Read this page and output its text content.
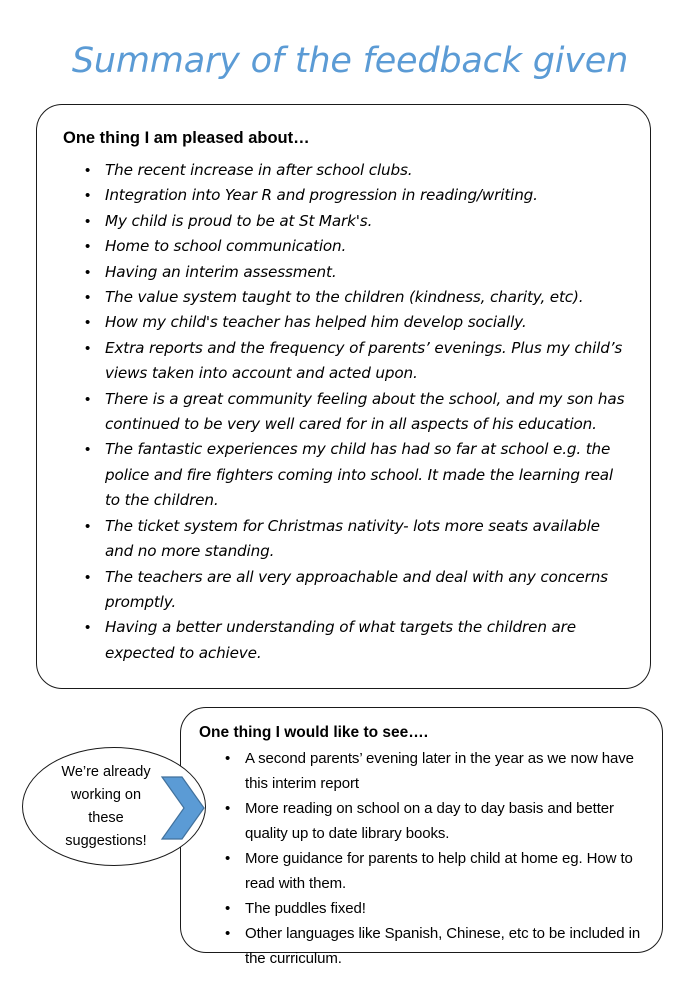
Summary of the feedback given
One thing I am pleased about…
• The recent increase in after school clubs.
• Integration into Year R and progression in reading/writing.
• My child is proud to be at St Mark's.
• Home to school communication.
• Having an interim assessment.
• The value system taught to the children (kindness, charity, etc).
• How my child's teacher has helped him develop socially.
• Extra reports and the frequency of parents’ evenings. Plus my child’s views taken into account and acted upon.
• There is a great community feeling about the school, and my son has continued to be very well cared for in all aspects of his education.
• The fantastic experiences my child has had so far at school e.g. the police and fire fighters coming into school. It made the learning real to the children.
• The ticket system for Christmas nativity- lots more seats available and no more standing.
• The teachers are all very approachable and deal with any concerns promptly.
• Having a better understanding of what targets the children are expected to achieve.
One thing I would like to see….
• A second parents’ evening later in the year as we now have this interim report
• More reading on school on a day to day basis and better quality up to date library books.
• More guidance for parents to help child at home eg. How to read with them.
• The puddles fixed!
• Other languages like Spanish, Chinese, etc to be included in the curriculum.
We’re already
working on
these
suggestions!
